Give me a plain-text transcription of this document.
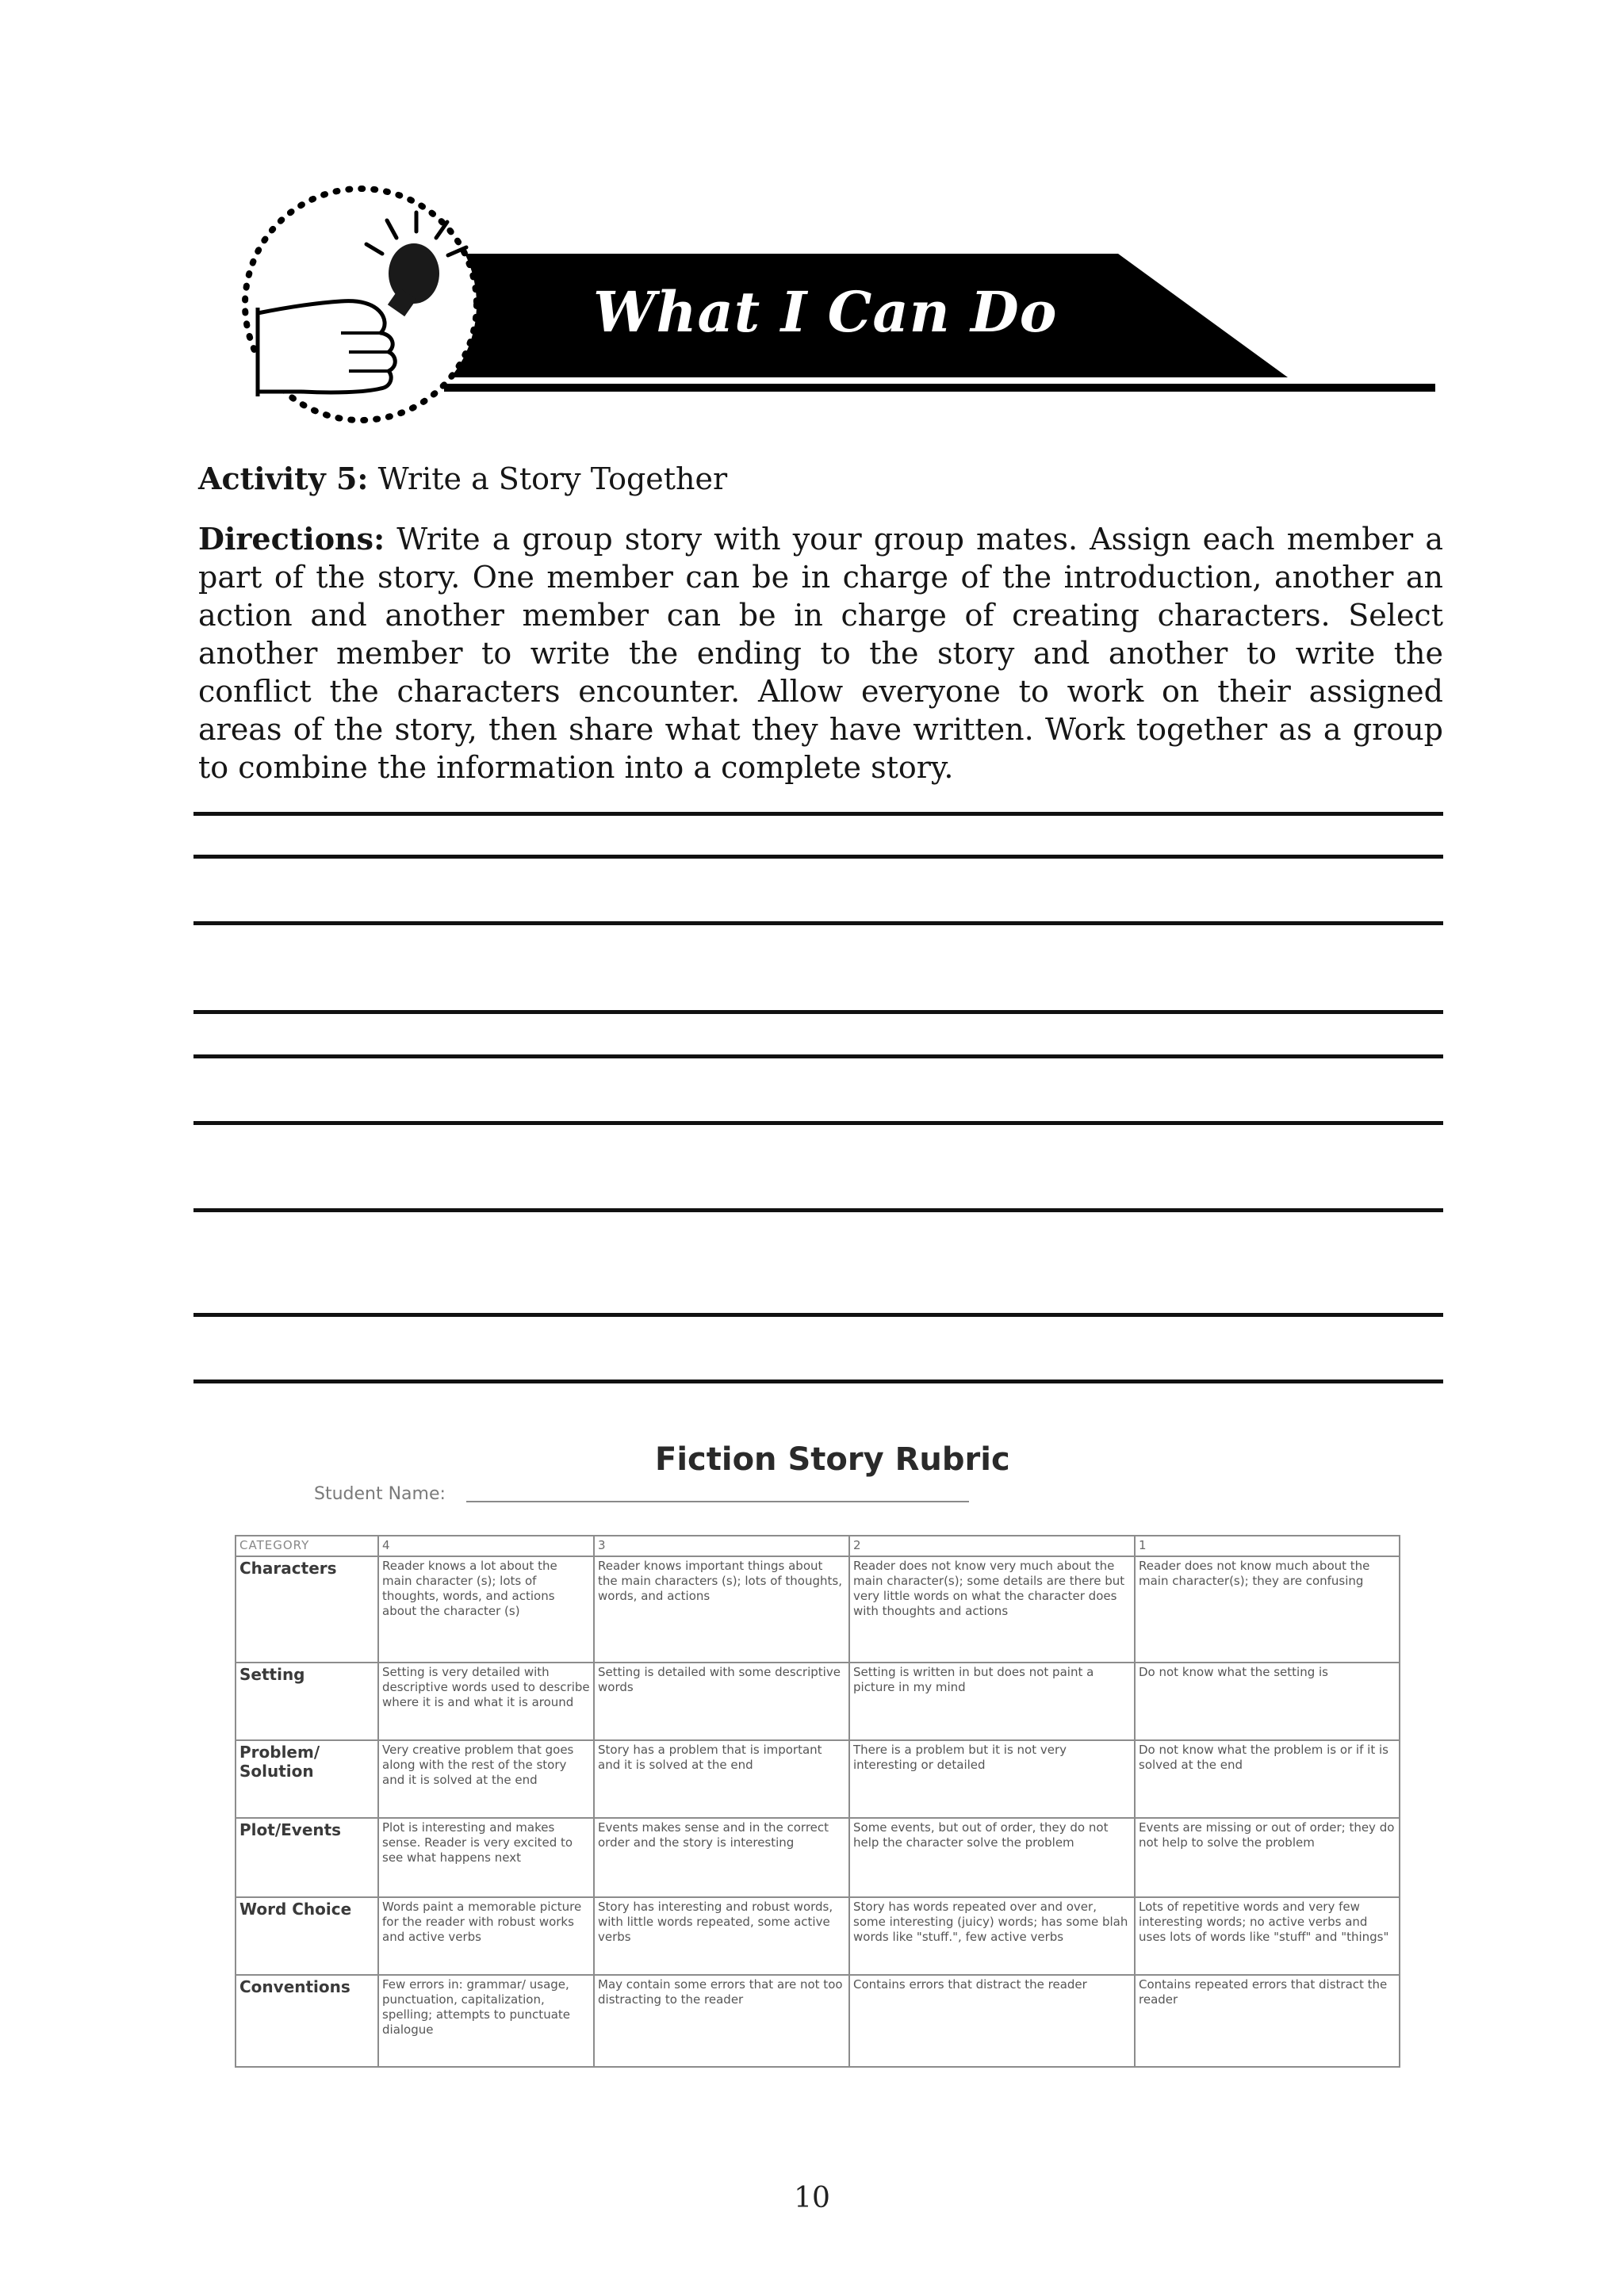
What I Can Do
Activity 5: Write a Story Together
Directions: Write a group story with your group mates. Assign each member a part of the story. One member can be in charge of the introduction, another an action and another member can be in charge of creating characters. Select another member to write the ending to the story and another to write the conflict the characters encounter. Allow everyone to work on their assigned areas of the story, then share what they have written. Work together as a group to combine the information into a complete story.
Fiction Story Rubric
Student Name:
CATEGORY	4	3	2	1
Characters	Reader knows a lot about the main character (s); lots of thoughts, words, and actions about the character (s)	Reader knows important things about the main characters (s); lots of thoughts, words, and actions	Reader does not know very much about the main character(s); some details are there but very little words on what the character does with thoughts and actions	Reader does not know much about the main character(s); they are confusing
Setting	Setting is very detailed with descriptive words used to describe where it is and what it is around	Setting is detailed with some descriptive words	Setting is written in but does not paint a picture in my mind	Do not know what the setting is
Problem/ Solution	Very creative problem that goes along with the rest of the story and it is solved at the end	Story has a problem that is important and it is solved at the end	There is a problem but it is not very interesting or detailed	Do not know what the problem is or if it is solved at the end
Plot/Events	Plot is interesting and makes sense. Reader is very excited to see what happens next	Events makes sense and in the correct order and the story is interesting	Some events, but out of order, they do not help the character solve the problem	Events are missing or out of order; they do not help to solve the problem
Word Choice	Words paint a memorable picture for the reader with robust works and active verbs	Story has interesting and robust words, with little words repeated, some active verbs	Story has words repeated over and over, some interesting (juicy) words; has some blah words like "stuff.", few active verbs	Lots of repetitive words and very few interesting words; no active verbs and uses lots of words like "stuff" and "things"
Conventions	Few errors in: grammar/ usage, punctuation, capitalization, spelling; attempts to punctuate dialogue	May contain some errors that are not too distracting to the reader	Contains errors that distract the reader	Contains repeated errors that distract the reader
10
